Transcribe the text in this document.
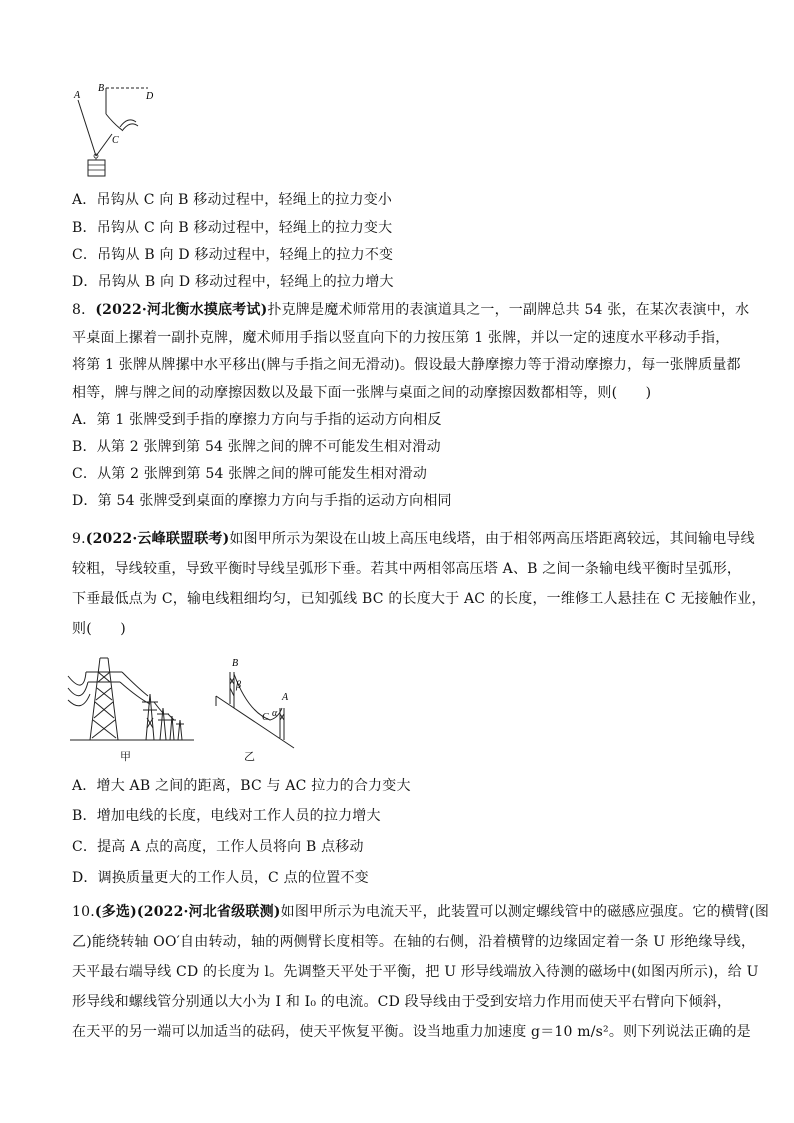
A
B
D
C
A．吊钩从 C 向 B 移动过程中，轻绳上的拉力变小
B．吊钩从 C 向 B 移动过程中，轻绳上的拉力变大
C．吊钩从 B 向 D 移动过程中，轻绳上的拉力不变
D．吊钩从 B 向 D 移动过程中，轻绳上的拉力增大
8．(2022·河北衡水摸底考试)扑克牌是魔术师常用的表演道具之一，一副牌总共 54 张，在某次表演中，水
平桌面上摞着一副扑克牌，魔术师用手指以竖直向下的力按压第 1 张牌，并以一定的速度水平移动手指，
将第 1 张牌从牌摞中水平移出(牌与手指之间无滑动)。假设最大静摩擦力等于滑动摩擦力，每一张牌质量都
相等，牌与牌之间的动摩擦因数以及最下面一张牌与桌面之间的动摩擦因数都相等，则(　　)
A．第 1 张牌受到手指的摩擦力方向与手指的运动方向相反
B．从第 2 张牌到第 54 张牌之间的牌不可能发生相对滑动
C．从第 2 张牌到第 54 张牌之间的牌可能发生相对滑动
D．第 54 张牌受到桌面的摩擦力方向与手指的运动方向相同
9.(2022·云峰联盟联考)如图甲所示为架设在山坡上高压电线塔，由于相邻两高压塔距离较远，其间输电导线
较粗，导线较重，导致平衡时导线呈弧形下垂。若其中两相邻高压塔 A、B 之间一条输电线平衡时呈弧形，
下垂最低点为 C，输电线粗细均匀，已知弧线 BC 的长度大于 AC 的长度，一维修工人悬挂在 C 无接触作业，
则(　　)
甲
B
β
A
C α
乙
A．增大 AB 之间的距离，BC 与 AC 拉力的合力变大
B．增加电线的长度，电线对工作人员的拉力增大
C．提高 A 点的高度，工作人员将向 B 点移动
D．调换质量更大的工作人员，C 点的位置不变
10.(多选)(2022·河北省级联测)如图甲所示为电流天平，此装置可以测定螺线管中的磁感应强度。它的横臂(图
乙)能绕转轴 OO′自由转动，轴的两侧臂长度相等。在轴的右侧，沿着横臂的边缘固定着一条 U 形绝缘导线，
天平最右端导线 CD 的长度为 l。先调整天平处于平衡，把 U 形导线端放入待测的磁场中(如图丙所示)，给 U
形导线和螺线管分别通以大小为 I 和 I₀ 的电流。CD 段导线由于受到安培力作用而使天平右臂向下倾斜，
在天平的另一端可以加适当的砝码，使天平恢复平衡。设当地重力加速度 g＝10 m/s²。则下列说法正确的是
